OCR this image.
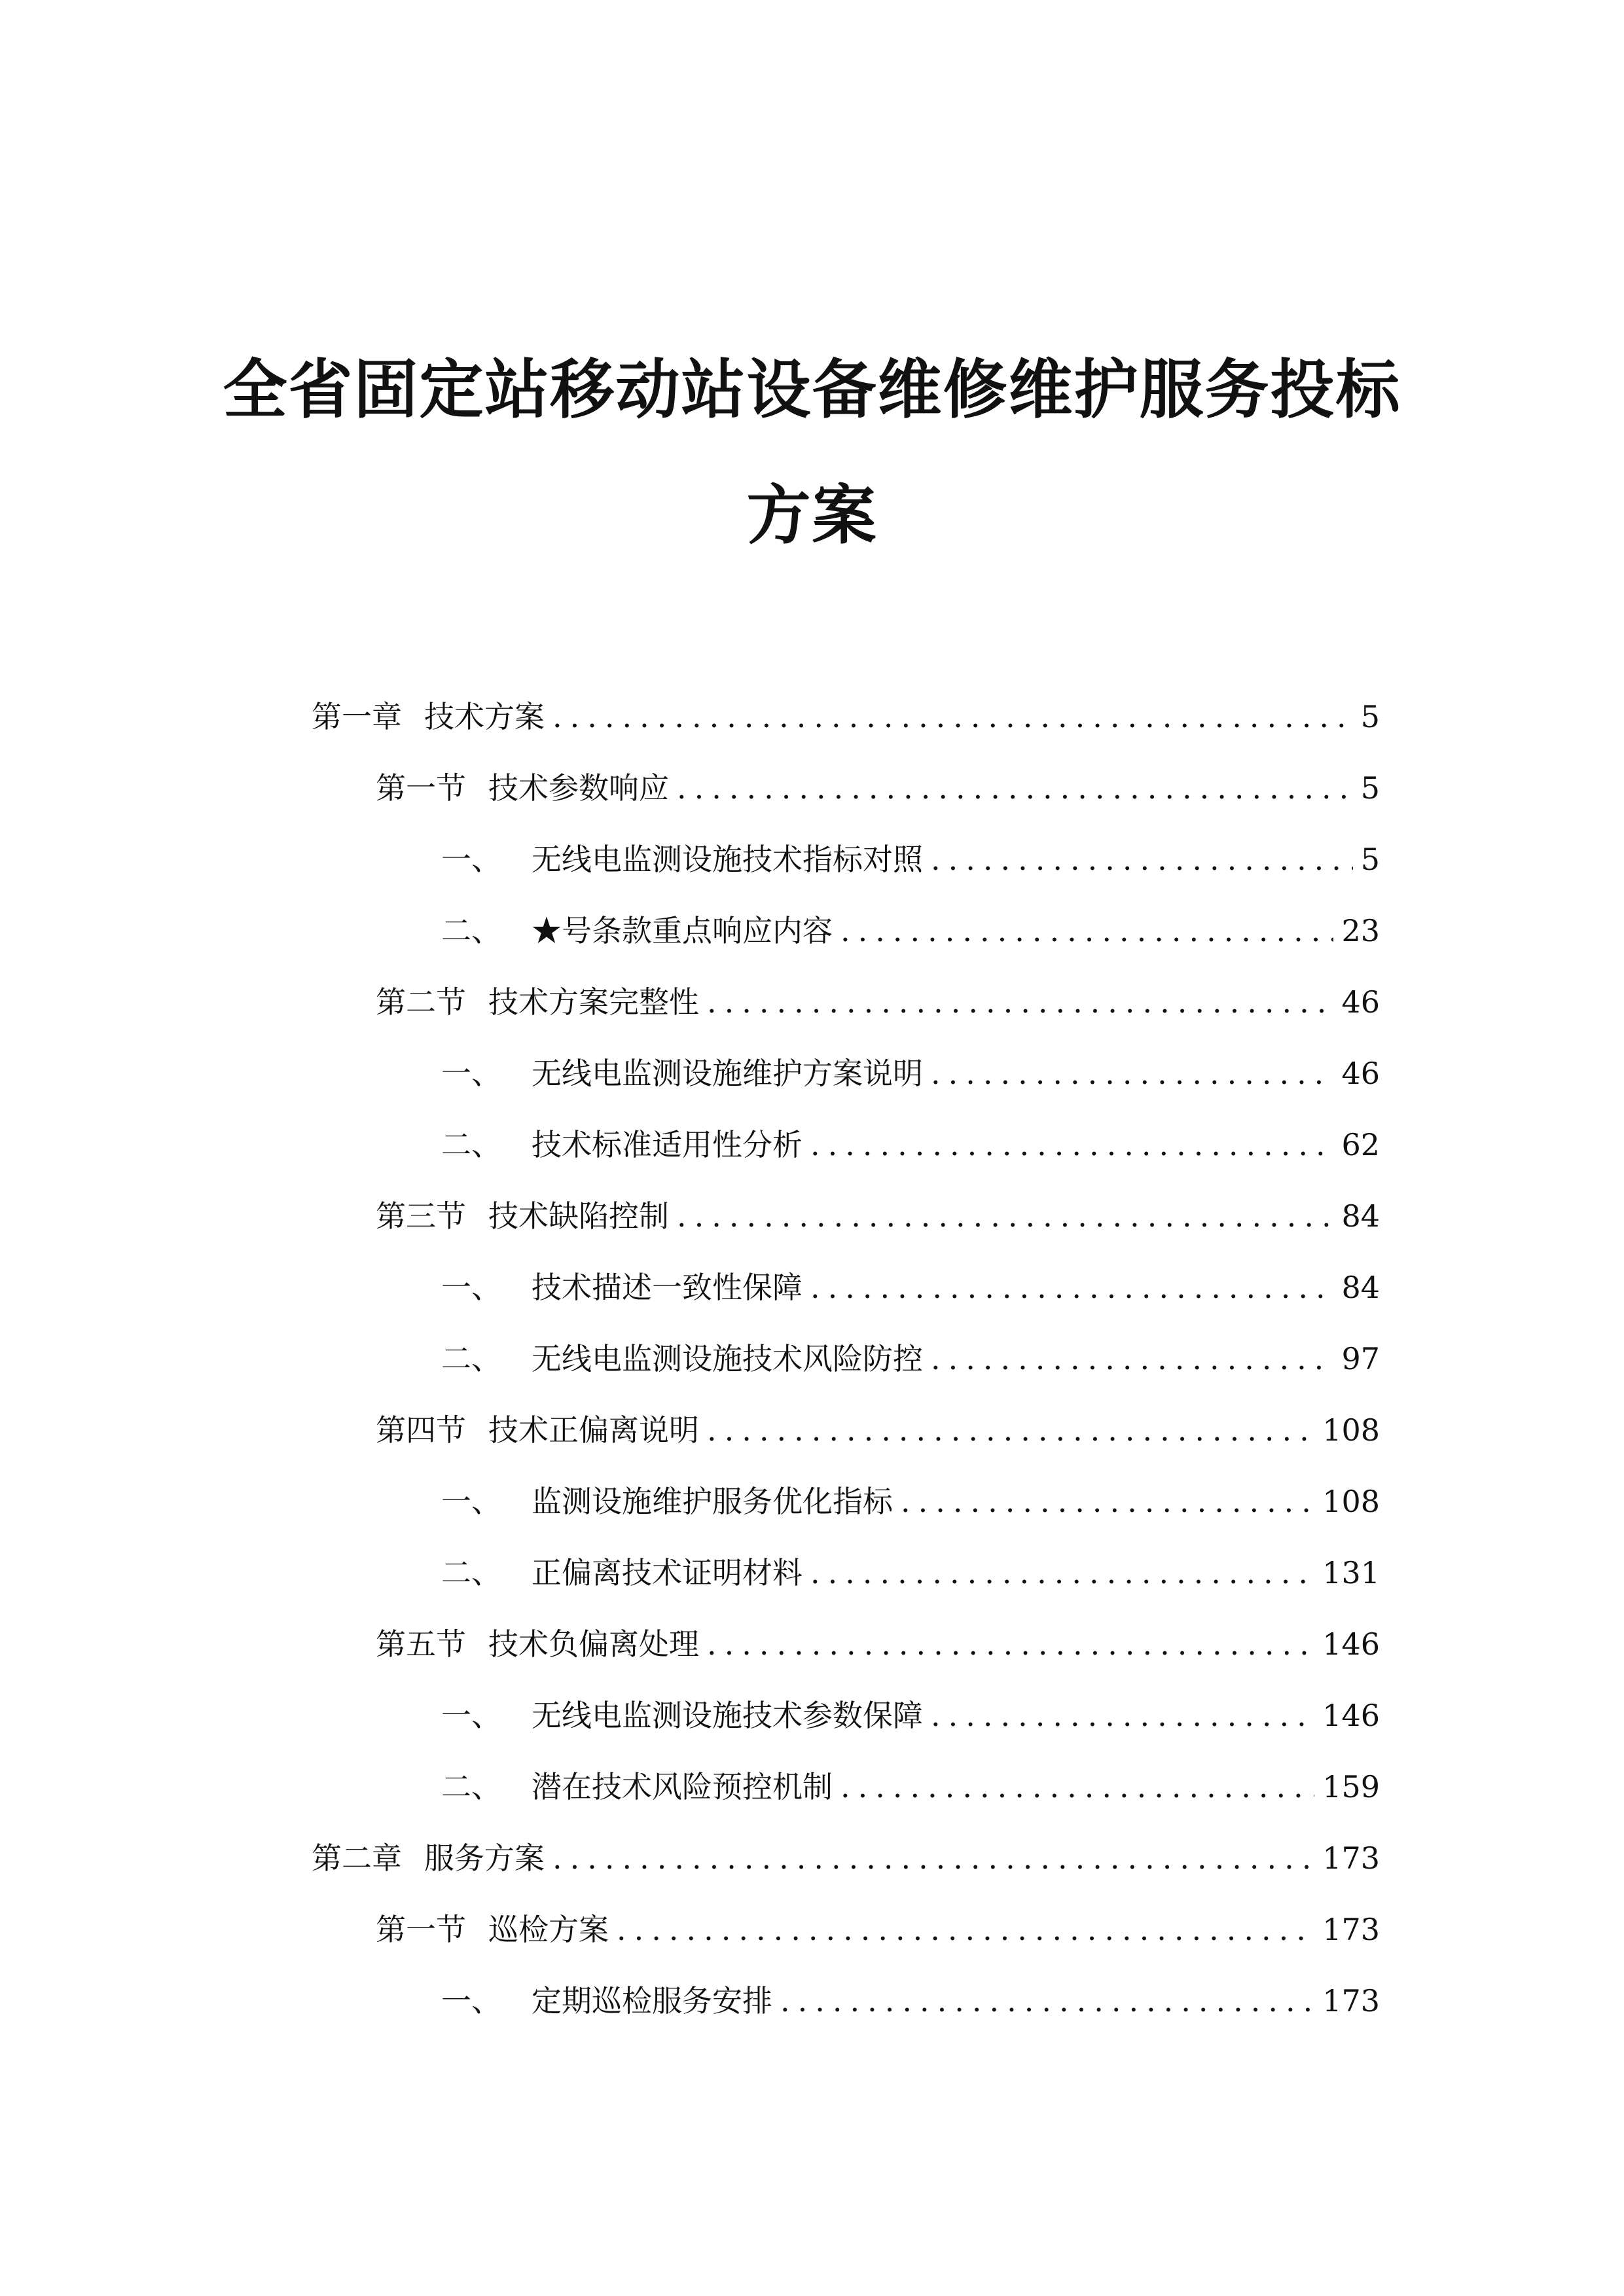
全省固定站移动站设备维修维护服务投标
方案
第一章 技术方案 .....	5
第一节 技术参数响应 .....	5
一、 无线电监测设施技术指标对照 .....	5
二、 ★号条款重点响应内容 .....	23
第二节 技术方案完整性 .....	46
一、 无线电监测设施维护方案说明 .....	46
二、 技术标准适用性分析 .....	62
第三节 技术缺陷控制 .....	84
一、 技术描述一致性保障 .....	84
二、 无线电监测设施技术风险防控 .....	97
第四节 技术正偏离说明 .....	108
一、 监测设施维护服务优化指标 .....	108
二、 正偏离技术证明材料 .....	131
第五节 技术负偏离处理 .....	146
一、 无线电监测设施技术参数保障 .....	146
二、 潜在技术风险预控机制 .....	159
第二章 服务方案 .....	173
第一节 巡检方案 .....	173
一、 定期巡检服务安排 .....	173
